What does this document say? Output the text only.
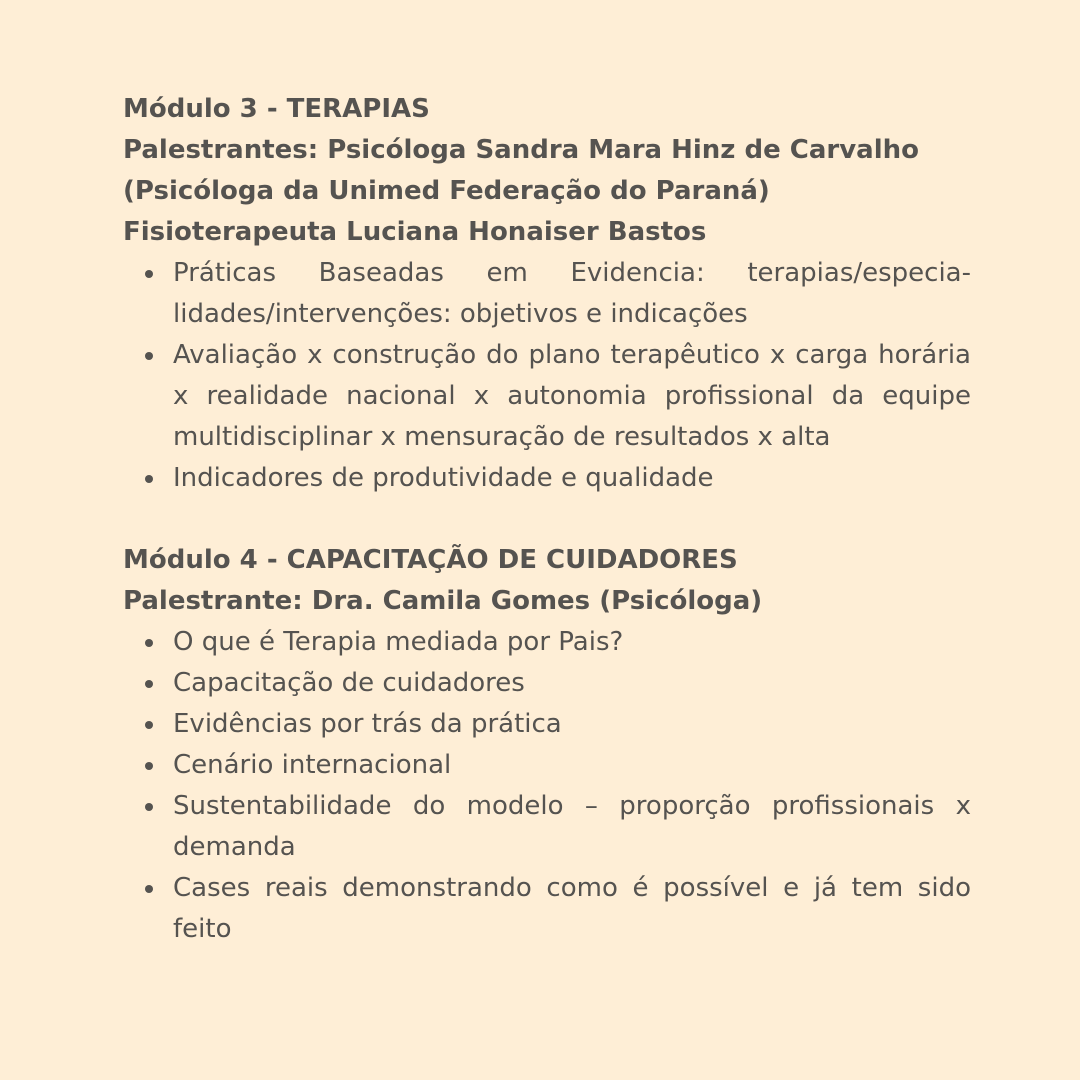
Módulo 3 - TERAPIAS

Palestrantes: Psicóloga Sandra Mara Hinz de Carvalho

(Psicóloga da Unimed Federação do Paraná)

Fisioterapeuta Luciana Honaiser Bastos

Práticas Baseadas em Evidencia: terapias/especia-lidades/intervenções: objetivos e indicações
Avaliação x construção do plano terapêutico x carga horária x realidade nacional x autonomia profissional da equipe multidisciplinar x mensuração de resultados x alta
Indicadores de produtividade e qualidade

Módulo 4 - CAPACITAÇÃO DE CUIDADORES

Palestrante: Dra. Camila Gomes (Psicóloga)

O que é Terapia mediada por Pais?
Capacitação de cuidadores
Evidências por trás da prática
Cenário internacional
Sustentabilidade do modelo – proporção profissionais x demanda
Cases reais demonstrando como é possível e já tem sido feito
